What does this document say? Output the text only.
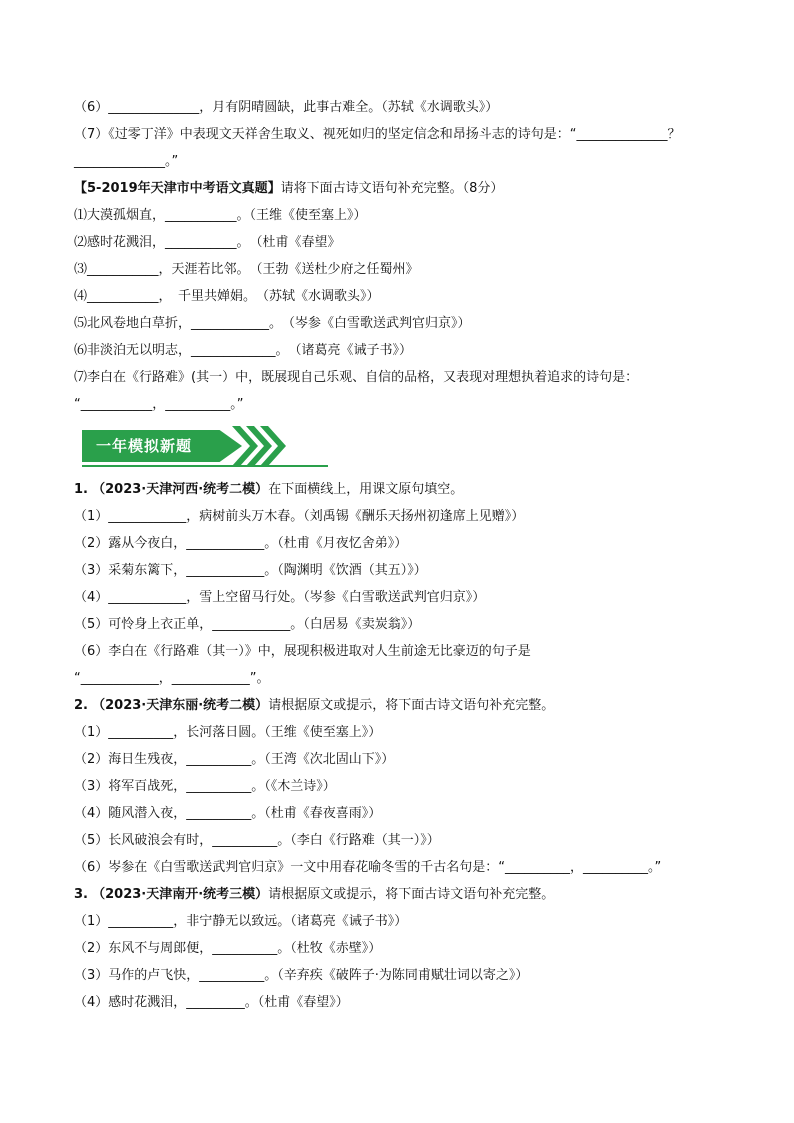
（6）______________，月有阴晴圆缺，此事古难全。（苏轼《水调歌头》）
（7）《过零丁洋》中表现文天祥舍生取义、视死如归的坚定信念和昂扬斗志的诗句是：“______________？
______________。”
【5-2019年天津市中考语文真题】请将下面古诗文语句补充完整。（8分）
⑴大漠孤烟直，___________。（王维《使至塞上》）
⑵感时花溅泪，___________。　（杜甫《春望》
⑶___________，天涯若比邻。　（王勃《送杜少府之任蜀州》
⑷___________，　千里共婵娟。　（苏轼《水调歌头》）
⑸北风卷地白草折，____________。　（岑参《白雪歌送武判官归京》）
⑹非淡泊无以明志，_____________。　（诸葛亮《诫子书》）
⑺李白在《行路难》(其一）中，既展现自己乐观、自信的品格，又表现对理想执着追求的诗句是：
“___________，__________。”
一年模拟新题
1. （2023·天津河西·统考二模）在下面横线上，用课文原句填空。
（1）____________，病树前头万木春。（刘禹锡《酬乐天扬州初逢席上见赠》）
（2）露从今夜白，____________。（杜甫《月夜忆舍弟》）
（3）采菊东篱下，____________。（陶渊明《饮酒（其五）》）
（4）____________，雪上空留马行处。（岑参《白雪歌送武判官归京》）
（5）可怜身上衣正单，____________。（白居易《卖炭翁》）
（6）李白在《行路难（其一）》中，展现积极进取对人生前途无比豪迈的句子是
“____________，____________”。
2. （2023·天津东丽·统考二模）请根据原文或提示，将下面古诗文语句补充完整。
（1）__________，长河落日圆。（王维《使至塞上》）
（2）海日生残夜，__________。（王湾《次北固山下》）
（3）将军百战死，__________。（《木兰诗》）
（4）随风潜入夜，__________。（杜甫《春夜喜雨》）
（5）长风破浪会有时，__________。（李白《行路难（其一）》）
（6）岑参在《白雪歌送武判官归京》一文中用春花喻冬雪的千古名句是：“__________，__________。”
3. （2023·天津南开·统考三模）请根据原文或提示，将下面古诗文语句补充完整。
（1）__________，非宁静无以致远。（诸葛亮《诫子书》）
（2）东风不与周郎便，__________。（杜牧《赤壁》）
（3）马作的卢飞快，__________。（辛弃疾《破阵子·为陈同甫赋壮词以寄之》）
（4）感时花溅泪，_________。（杜甫《春望》）
